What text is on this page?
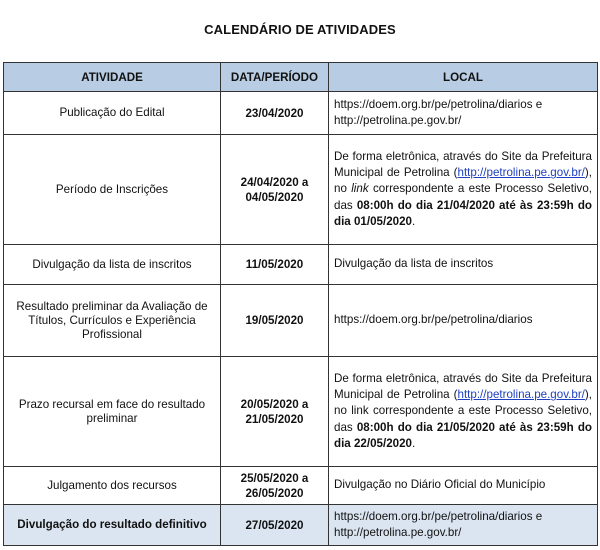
CALENDÁRIO DE ATIVIDADES
ATIVIDADE	DATA/PERÍODO	LOCAL
Publicação do Edital	23/04/2020	https://doem.org.br/pe/petrolina/diarios e
http://petrolina.pe.gov.br/

Período de Inscrições	24/04/2020 a
04/05/2020	De forma eletrônica, através do Site da Prefeitura Municipal de Petrolina (http://petrolina.pe.gov.br/), no link correspondente a este Processo Seletivo, das 08:00h do dia 21/04/2020 até às 23:59h do dia 01/05/2020.
Divulgação da lista de inscritos	11/05/2020	Divulgação da lista de inscritos
Resultado preliminar da Avaliação de Títulos, Currículos e Experiência Profissional	19/05/2020	https://doem.org.br/pe/petrolina/diarios
Prazo recursal em face do resultado preliminar	20/05/2020 a
21/05/2020	De forma eletrônica, através do Site da Prefeitura Municipal de Petrolina (http://petrolina.pe.gov.br/), no link correspondente a este Processo Seletivo, das 08:00h do dia 21/05/2020 até às 23:59h do dia 22/05/2020.
Julgamento dos recursos	25/05/2020 a
26/05/2020	Divulgação no Diário Oficial do Município
Divulgação do resultado definitivo	27/05/2020	https://doem.org.br/pe/petrolina/diarios e
http://petrolina.pe.gov.br/
